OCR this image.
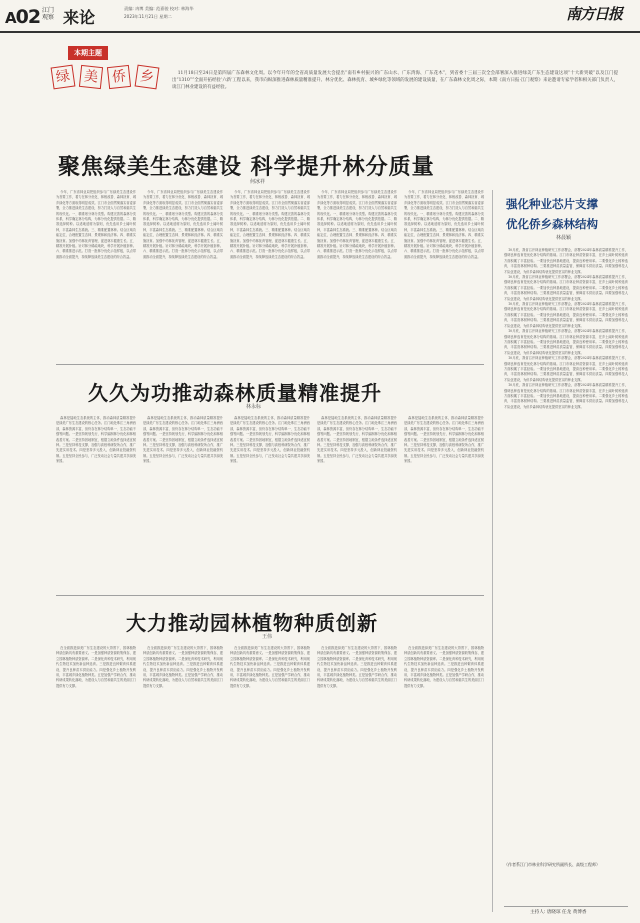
A02 江门
观察 来论	责编: 冉博 美编: 范嘉骏 校对: 林海华
2023年11月21日 星期二	南方日报
本期主题
绿 美 侨 乡	11月18日至24日是第四届广东森林文化周。以今年开年的全省高质量发展大会提出“南有乡村振兴的广东山水、广东湾海、广东花木”，到省委十三届三次全会部署深入推进绿美广东生态建设这项“十大新突破”以及江门提出“1310”“全面开拓经验‘六新’工程以来，我市向纵深推进森林质量精准提升、林分优化、森林抚育、城乡绿化等领域的发展的建设质量，在广东森林文化周之际，本期《南方日报·江门观察》来论邀请专家学者和相关部门负责人，谈江门林业建设的有益经验。

聚焦绿美生态建设 科学提升林分质量
何冰祥

今年，广东省林业局把组织参与广东绿美生态建设作为首要工作，着力在林分优化、林相改善、森林抚育、城乡绿化等方面取得明显成效。江门市全面贯彻落实省委部署，全力推进绿美生态建设，努力打造人与自然和谐共生的现代化。一、精准划分林分类型。构建完善的森林分类体系，科学确定林分结构，为林分优化提供依据。二、精准选择树种。以适地适树为原则，优先选用乡土阔叶树种，丰富森林生态系统。三、精准配置林种。结合区域功能定位，合理配置生态林、景观林和经济林。四、精准实施抚育。加强中幼林抚育管理，促进林木健康生长。五、精准开展补植。针对林分稀疏地块，科学开展补植套种。六、精准推进示范。打造一批林分优化示范样板，以点带面推动全面提升，持续释放绿美生态建设的综合效益。

今年，广东省林业局把组织参与广东绿美生态建设作为首要工作，着力在林分优化、林相改善、森林抚育、城乡绿化等方面取得明显成效。江门市全面贯彻落实省委部署，全力推进绿美生态建设，努力打造人与自然和谐共生的现代化。一、精准划分林分类型。构建完善的森林分类体系，科学确定林分结构，为林分优化提供依据。二、精准选择树种。以适地适树为原则，优先选用乡土阔叶树种，丰富森林生态系统。三、精准配置林种。结合区域功能定位，合理配置生态林、景观林和经济林。四、精准实施抚育。加强中幼林抚育管理，促进林木健康生长。五、精准开展补植。针对林分稀疏地块，科学开展补植套种。六、精准推进示范。打造一批林分优化示范样板，以点带面推动全面提升，持续释放绿美生态建设的综合效益。

今年，广东省林业局把组织参与广东绿美生态建设作为首要工作，着力在林分优化、林相改善、森林抚育、城乡绿化等方面取得明显成效。江门市全面贯彻落实省委部署，全力推进绿美生态建设，努力打造人与自然和谐共生的现代化。一、精准划分林分类型。构建完善的森林分类体系，科学确定林分结构，为林分优化提供依据。二、精准选择树种。以适地适树为原则，优先选用乡土阔叶树种，丰富森林生态系统。三、精准配置林种。结合区域功能定位，合理配置生态林、景观林和经济林。四、精准实施抚育。加强中幼林抚育管理，促进林木健康生长。五、精准开展补植。针对林分稀疏地块，科学开展补植套种。六、精准推进示范。打造一批林分优化示范样板，以点带面推动全面提升，持续释放绿美生态建设的综合效益。

今年，广东省林业局把组织参与广东绿美生态建设作为首要工作，着力在林分优化、林相改善、森林抚育、城乡绿化等方面取得明显成效。江门市全面贯彻落实省委部署，全力推进绿美生态建设，努力打造人与自然和谐共生的现代化。一、精准划分林分类型。构建完善的森林分类体系，科学确定林分结构，为林分优化提供依据。二、精准选择树种。以适地适树为原则，优先选用乡土阔叶树种，丰富森林生态系统。三、精准配置林种。结合区域功能定位，合理配置生态林、景观林和经济林。四、精准实施抚育。加强中幼林抚育管理，促进林木健康生长。五、精准开展补植。针对林分稀疏地块，科学开展补植套种。六、精准推进示范。打造一批林分优化示范样板，以点带面推动全面提升，持续释放绿美生态建设的综合效益。

今年，广东省林业局把组织参与广东绿美生态建设作为首要工作，着力在林分优化、林相改善、森林抚育、城乡绿化等方面取得明显成效。江门市全面贯彻落实省委部署，全力推进绿美生态建设，努力打造人与自然和谐共生的现代化。一、精准划分林分类型。构建完善的森林分类体系，科学确定林分结构，为林分优化提供依据。二、精准选择树种。以适地适树为原则，优先选用乡土阔叶树种，丰富森林生态系统。三、精准配置林种。结合区域功能定位，合理配置生态林、景观林和经济林。四、精准实施抚育。加强中幼林抚育管理，促进林木健康生长。五、精准开展补植。针对林分稀疏地块，科学开展补植套种。六、精准推进示范。打造一批林分优化示范样板，以点带面推动全面提升，持续释放绿美生态建设的综合效益。

久久为功推动森林质量精准提升
林永标

森林是陆地生态系统的主体，推动森林质量精准提升是绿美广东生态建设的核心任务。江门地处珠江三角洲西部，森林资源丰富，但仍存在林分结构单一、生态功能不强等问题。一是坚持规划先行，科学编制林分优化和林相改善方案。二是坚持因地制宜，根据立地条件选择适宜树种。三是坚持科技支撑，加强与高校科研院所合作，推广先进实用技术。四是坚持多元投入，创新林业投融资机制。五是坚持全民参与，广泛发动社会力量共建共享绿美家园。

森林是陆地生态系统的主体，推动森林质量精准提升是绿美广东生态建设的核心任务。江门地处珠江三角洲西部，森林资源丰富，但仍存在林分结构单一、生态功能不强等问题。一是坚持规划先行，科学编制林分优化和林相改善方案。二是坚持因地制宜，根据立地条件选择适宜树种。三是坚持科技支撑，加强与高校科研院所合作，推广先进实用技术。四是坚持多元投入，创新林业投融资机制。五是坚持全民参与，广泛发动社会力量共建共享绿美家园。

森林是陆地生态系统的主体，推动森林质量精准提升是绿美广东生态建设的核心任务。江门地处珠江三角洲西部，森林资源丰富，但仍存在林分结构单一、生态功能不强等问题。一是坚持规划先行，科学编制林分优化和林相改善方案。二是坚持因地制宜，根据立地条件选择适宜树种。三是坚持科技支撑，加强与高校科研院所合作，推广先进实用技术。四是坚持多元投入，创新林业投融资机制。五是坚持全民参与，广泛发动社会力量共建共享绿美家园。

森林是陆地生态系统的主体，推动森林质量精准提升是绿美广东生态建设的核心任务。江门地处珠江三角洲西部，森林资源丰富，但仍存在林分结构单一、生态功能不强等问题。一是坚持规划先行，科学编制林分优化和林相改善方案。二是坚持因地制宜，根据立地条件选择适宜树种。三是坚持科技支撑，加强与高校科研院所合作，推广先进实用技术。四是坚持多元投入，创新林业投融资机制。五是坚持全民参与，广泛发动社会力量共建共享绿美家园。

森林是陆地生态系统的主体，推动森林质量精准提升是绿美广东生态建设的核心任务。江门地处珠江三角洲西部，森林资源丰富，但仍存在林分结构单一、生态功能不强等问题。一是坚持规划先行，科学编制林分优化和林相改善方案。二是坚持因地制宜，根据立地条件选择适宜树种。三是坚持科技支撑，加强与高校科研院所合作，推广先进实用技术。四是坚持多元投入，创新林业投融资机制。五是坚持全民参与，广泛发动社会力量共建共享绿美家园。

大力推动园林植物种质创新
王伟

在全面推进绿美广东生态建设的大背景下，园林植物种质创新具有重要意义。一是加强种质资源收集保存，建立园林植物种质资源库。二是深化育种技术研究，利用现代生物技术加快新品种选育。三是推进良种繁育体系建设，提升良种苗木供应能力。四是强化乡土植物开发利用，丰富城乡绿化植物种类。五是加强产学研合作，推动科研成果转化落地，为建设人与自然和谐共生的美丽江门提供有力支撑。

在全面推进绿美广东生态建设的大背景下，园林植物种质创新具有重要意义。一是加强种质资源收集保存，建立园林植物种质资源库。二是深化育种技术研究，利用现代生物技术加快新品种选育。三是推进良种繁育体系建设，提升良种苗木供应能力。四是强化乡土植物开发利用，丰富城乡绿化植物种类。五是加强产学研合作，推动科研成果转化落地，为建设人与自然和谐共生的美丽江门提供有力支撑。

在全面推进绿美广东生态建设的大背景下，园林植物种质创新具有重要意义。一是加强种质资源收集保存，建立园林植物种质资源库。二是深化育种技术研究，利用现代生物技术加快新品种选育。三是推进良种繁育体系建设，提升良种苗木供应能力。四是强化乡土植物开发利用，丰富城乡绿化植物种类。五是加强产学研合作，推动科研成果转化落地，为建设人与自然和谐共生的美丽江门提供有力支撑。

在全面推进绿美广东生态建设的大背景下，园林植物种质创新具有重要意义。一是加强种质资源收集保存，建立园林植物种质资源库。二是深化育种技术研究，利用现代生物技术加快新品种选育。三是推进良种繁育体系建设，提升良种苗木供应能力。四是强化乡土植物开发利用，丰富城乡绿化植物种类。五是加强产学研合作，推动科研成果转化落地，为建设人与自然和谐共生的美丽江门提供有力支撑。

在全面推进绿美广东生态建设的大背景下，园林植物种质创新具有重要意义。一是加强种质资源收集保存，建立园林植物种质资源库。二是深化育种技术研究，利用现代生物技术加快新品种选育。三是推进良种繁育体系建设，提升良种苗木供应能力。四是强化乡土植物开发利用，丰富城乡绿化植物种类。五是加强产学研合作，推动科研成果转化落地，为建设人与自然和谐共生的美丽江门提供有力支撑。

强化种业芯片支撑
优化侨乡森林结构
林晨颖

10月底，我省召开林业种植研究工作部署会，部署2024年森林质量精准提升工作，强调良种选育是优化林分结构的基础。江门市林业种苗资源丰富，在乡土阔叶树种选育方面积累了丰富经验。一要加快良种基地建设，提高良种使用率。二要强化乡土树种选育，丰富造林树种结构。三要推进种苗质量监管，保障苗木供应质量。四要加强科技人才队伍建设，为侨乡森林结构优化提供坚实的种业支撑。

10月底，我省召开林业种植研究工作部署会，部署2024年森林质量精准提升工作，强调良种选育是优化林分结构的基础。江门市林业种苗资源丰富，在乡土阔叶树种选育方面积累了丰富经验。一要加快良种基地建设，提高良种使用率。二要强化乡土树种选育，丰富造林树种结构。三要推进种苗质量监管，保障苗木供应质量。四要加强科技人才队伍建设，为侨乡森林结构优化提供坚实的种业支撑。

10月底，我省召开林业种植研究工作部署会，部署2024年森林质量精准提升工作，强调良种选育是优化林分结构的基础。江门市林业种苗资源丰富，在乡土阔叶树种选育方面积累了丰富经验。一要加快良种基地建设，提高良种使用率。二要强化乡土树种选育，丰富造林树种结构。三要推进种苗质量监管，保障苗木供应质量。四要加强科技人才队伍建设，为侨乡森林结构优化提供坚实的种业支撑。

10月底，我省召开林业种植研究工作部署会，部署2024年森林质量精准提升工作，强调良种选育是优化林分结构的基础。江门市林业种苗资源丰富，在乡土阔叶树种选育方面积累了丰富经验。一要加快良种基地建设，提高良种使用率。二要强化乡土树种选育，丰富造林树种结构。三要推进种苗质量监管，保障苗木供应质量。四要加强科技人才队伍建设，为侨乡森林结构优化提供坚实的种业支撑。

10月底，我省召开林业种植研究工作部署会，部署2024年森林质量精准提升工作，强调良种选育是优化林分结构的基础。江门市林业种苗资源丰富，在乡土阔叶树种选育方面积累了丰富经验。一要加快良种基地建设，提高良种使用率。二要强化乡土树种选育，丰富造林树种结构。三要推进种苗质量监管，保障苗木供应质量。四要加强科技人才队伍建设，为侨乡森林结构优化提供坚实的种业支撑。

10月底，我省召开林业种植研究工作部署会，部署2024年森林质量精准提升工作，强调良种选育是优化林分结构的基础。江门市林业种苗资源丰富，在乡土阔叶树种选育方面积累了丰富经验。一要加快良种基地建设，提高良种使用率。二要强化乡土树种选育，丰富造林树种结构。三要推进种苗质量监管，保障苗木供应质量。四要加强科技人才队伍建设，为侨乡森林结构优化提供坚实的种业支撑。

（作者系江门市林业科学研究所副所长、高级工程师）
主持人: 唐晓琼 任龙 黄博香
